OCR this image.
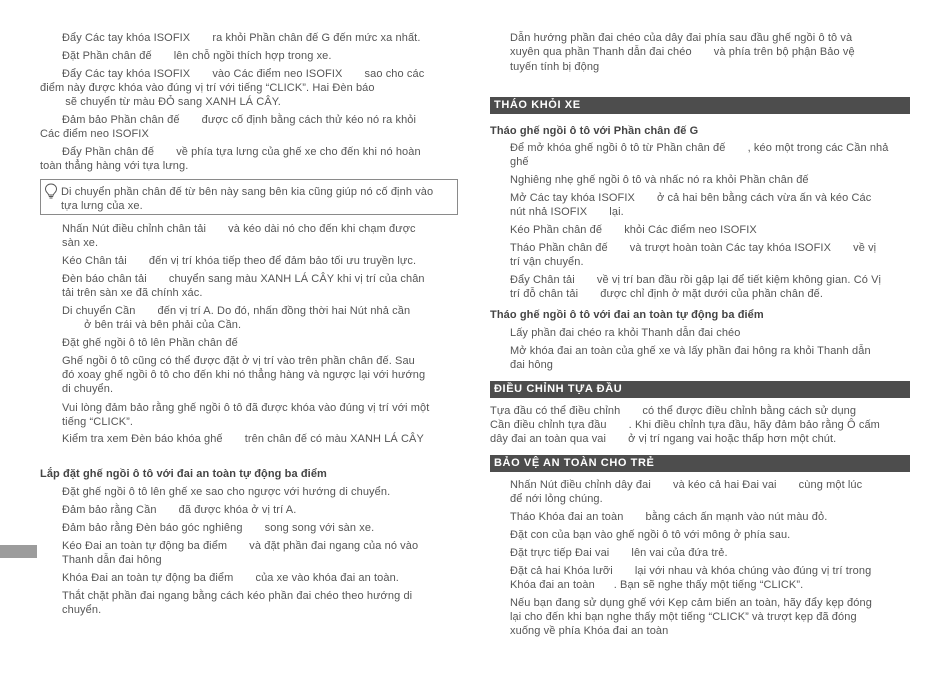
Đẩy Các tay khóa ISOFIX       ra khỏi Phần chân đế G đến mức xa nhất.
Đặt Phần chân đế       lên chỗ ngồi thích hợp trong xe.
Đẩy Các tay khóa ISOFIX       vào Các điểm neo ISOFIX       sao cho các
điểm này được khóa vào đúng vị trí với tiếng “CLICK”. Hai Đèn báo
sẽ chuyển từ màu ĐỎ sang XANH LÁ CÂY.
Đảm bảo Phần chân đế       được cố định bằng cách thử kéo nó ra khỏi
Các điểm neo ISOFIX
Đẩy Phần chân đế       về phía tựa lưng của ghế xe cho đến khi nó hoàn
toàn thẳng hàng với tựa lưng.
Di chuyển phần chân đế từ bên này sang bên kia cũng giúp nó cố định vào
tựa lưng của xe.
Nhấn Nút điều chỉnh chân tải       và kéo dài nó cho đến khi chạm được
sàn xe.
Kéo Chân tải       đến vị trí khóa tiếp theo để đảm bảo tối ưu truyền lực.
Đèn báo chân tải       chuyển sang màu XANH LÁ CÂY khi vị trí của chân
tải trên sàn xe đã chính xác.
Di chuyển Cần       đến vị trí A. Do đó, nhấn đồng thời hai Nút nhả cần
ở bên trái và bên phải của Cần.
Đặt ghế ngồi ô tô lên Phần chân đế
Ghế ngồi ô tô cũng có thể được đặt ở vị trí vào trên phần chân đế. Sau
đó xoay ghế ngồi ô tô cho đến khi nó thẳng hàng và ngược lại với hướng
di chuyển.
Vui lòng đảm bảo rằng ghế ngồi ô tô đã được khóa vào đúng vị trí với một
tiếng “CLICK”.
Kiểm tra xem Đèn báo khóa ghế       trên chân đế có màu XANH LÁ CÂY
Lắp đặt ghế ngồi ô tô với đai an toàn tự động ba điểm
Đặt ghế ngồi ô tô lên ghế xe sao cho ngược với hướng di chuyển.
Đảm bảo rằng Cần       đã được khóa ở vị trí A.
Đảm bảo rằng Đèn báo góc nghiêng       song song với sàn xe.
Kéo Đai an toàn tự động ba điểm       và đặt phần đai ngang của nó vào
Thanh dẫn đai hông
Khóa Đai an toàn tự động ba điểm       của xe vào khóa đai an toàn.
Thắt chặt phần đai ngang bằng cách kéo phần đai chéo theo hướng di
chuyển.
Dẫn hướng phần đai chéo của dây đai phía sau đầu ghế ngồi ô tô và
xuyên qua phần Thanh dẫn đai chéo       và phía trên bộ phận Bảo vệ
tuyến tính bị động
THÁO KHỎI XE
Tháo ghế ngồi ô tô với Phần chân đế G
Để mở khóa ghế ngồi ô tô từ Phần chân đế       , kéo một trong các Cần nhả
ghế
Nghiêng nhẹ ghế ngồi ô tô và nhấc nó ra khỏi Phần chân đế
Mở Các tay khóa ISOFIX       ở cả hai bên bằng cách vừa ấn và kéo Các
nút nhả ISOFIX       lại.
Kéo Phần chân đế       khỏi Các điểm neo ISOFIX
Tháo Phần chân đế       và trượt hoàn toàn Các tay khóa ISOFIX       về vị
trí vận chuyển.
Đẩy Chân tải       về vị trí ban đầu rồi gập lại để tiết kiệm không gian. Có Vị
trí đỗ chân tải       được chỉ định ở mặt dưới của phần chân đế.
Tháo ghế ngồi ô tô với đai an toàn tự động ba điểm
Lấy phần đai chéo ra khỏi Thanh dẫn đai chéo
Mở khóa đai an toàn của ghế xe và lấy phần đai hông ra khỏi Thanh dẫn
đai hông
ĐIỀU CHỈNH TỰA ĐẦU
Tựa đầu có thể điều chỉnh       có thể được điều chỉnh bằng cách sử dụng
Cần điều chỉnh tựa đầu       . Khi điều chỉnh tựa đầu, hãy đảm bảo rằng Ô cấm
dây đai an toàn qua vai       ở vị trí ngang vai hoặc thấp hơn một chút.
BẢO VỆ AN TOÀN CHO TRẺ
Nhấn Nút điều chỉnh dây đai       và kéo cả hai Đai vai       cùng một lúc
để nới lỏng chúng.
Tháo Khóa đai an toàn       bằng cách ấn mạnh vào nút màu đỏ.
Đặt con của bạn vào ghế ngồi ô tô với mông ở phía sau.
Đặt trực tiếp Đai vai       lên vai của đứa trẻ.
Đặt cả hai Khóa lưỡi       lại với nhau và khóa chúng vào đúng vị trí trong
Khóa đai an toàn      . Bạn sẽ nghe thấy một tiếng “CLICK”.
Nếu bạn đang sử dụng ghế với Kẹp cảm biến an toàn, hãy đẩy kẹp đóng
lại cho đến khi bạn nghe thấy một tiếng “CLICK” và trượt kẹp đã đóng
xuống về phía Khóa đai an toàn
